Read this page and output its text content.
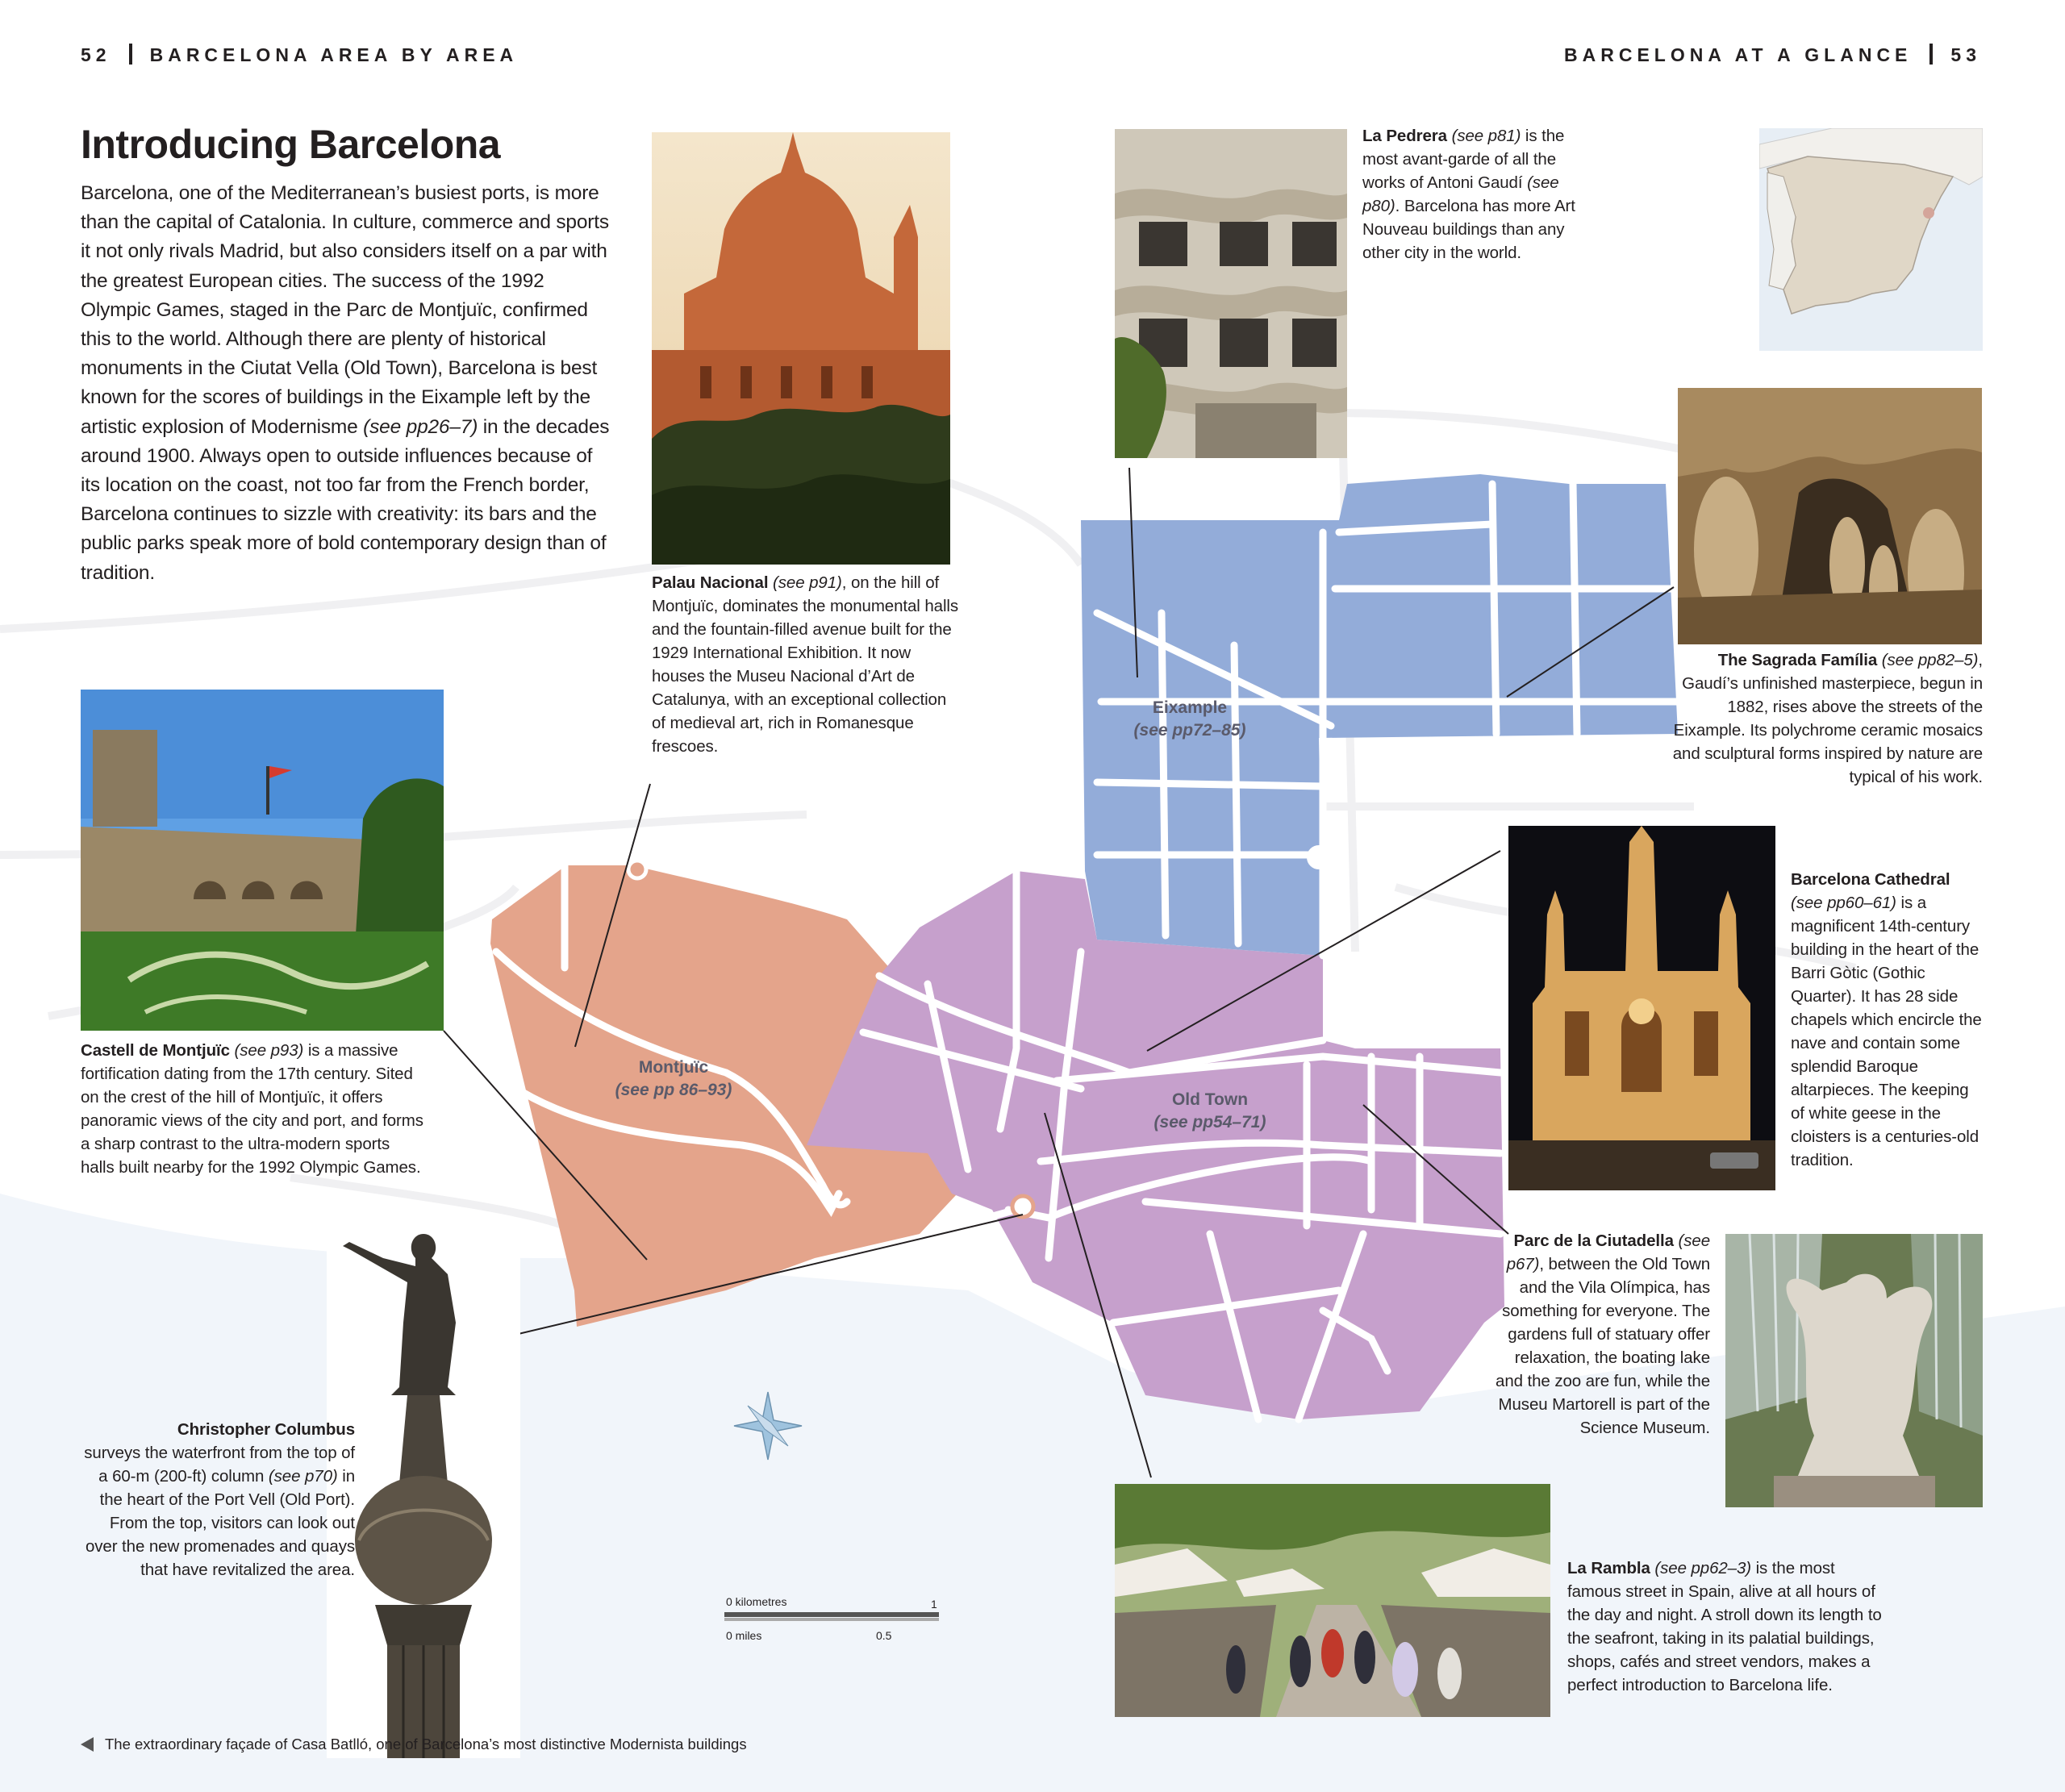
52 BARCELONA AREA BY AREA	BARCELONA AT A GLANCE 53
Introducing Barcelona

Barcelona, one of the Mediterranean’s busiest ports, is more than the capital of Catalonia. In culture, commerce and sports it not only rivals Madrid, but also considers itself on a par with the greatest European cities. The success of the 1992 Olympic Games, staged in the Parc de Montjuïc, confirmed this to the world. Although there are plenty of historical monuments in the Ciutat Vella (Old Town), Barcelona is best known for the scores of buildings in the Eixample left by the artistic explosion of Modernisme (see pp26–7) in the decades around 1900. Always open to outside influences because of its location on the coast, not too far from the French border, Barcelona continues to sizzle with creativity: its bars and the public parks speak more of bold contemporary design than of tradition.	Palau Nacional (see p91), on the hill of Montjuïc, dominates the monumental halls and the fountain-filled avenue built for the 1929 International Exhibition. It now houses the Museu Nacional d’Art de Catalunya, with an exceptional collection of medieval art, rich in Romanesque frescoes.

La Pedrera (see p81) is the most avant-garde of all the works of Antoni Gaudí (see p80). Barcelona has more Art Nouveau buildings than any other city in the world.

The Sagrada Família (see pp82–5), Gaudí’s unfinished masterpiece, begun in 1882, rises above the streets of the Eixample. Its polychrome ceramic mosaics and sculptural forms inspired by nature are typical of his work.

Castell de Montjuïc (see p93) is a massive fortification dating from the 17th century. Sited on the crest of the hill of Montjuïc, it offers panoramic views of the city and port, and forms a sharp contrast to the ultra-modern sports halls built nearby for the 1992 Olympic Games.

Barcelona Cathedral (see pp60–61) is a magnificent 14th-century building in the heart of the Barri Gòtic (Gothic Quarter). It has 28 side chapels which encircle the nave and contain some splendid Baroque altarpieces. The keeping of white geese in the cloisters is a centuries-old tradition.

Parc de la Ciutadella (see p67), between the Old Town and the Vila Olímpica, has something for everyone. The gardens full of statuary offer relaxation, the boating lake and the zoo are fun, while the Museu Martorell is part of the Science Museum.

Christopher Columbus
surveys the waterfront from the top of a 60-m (200-ft) column (see p70) in the heart of the Port Vell (Old Port). From the top, visitors can look out over the new promenades and quays that have revitalized the area.	La Rambla (see pp62–3) is the most famous street in Spain, alive at all hours of the day and night. A stroll down its length to the seafront, taking in its palatial buildings, shops, cafés and street vendors, makes a perfect introduction to Barcelona life.

Eixample
(see pp72–85)
Montjuïc
(see pp 86–93)
Old Town
(see pp54–71)
0 kilometres	1
0 miles	0.5
The extraordinary façade of Casa Batlló, one of Barcelona’s most distinctive Modernista buildings
